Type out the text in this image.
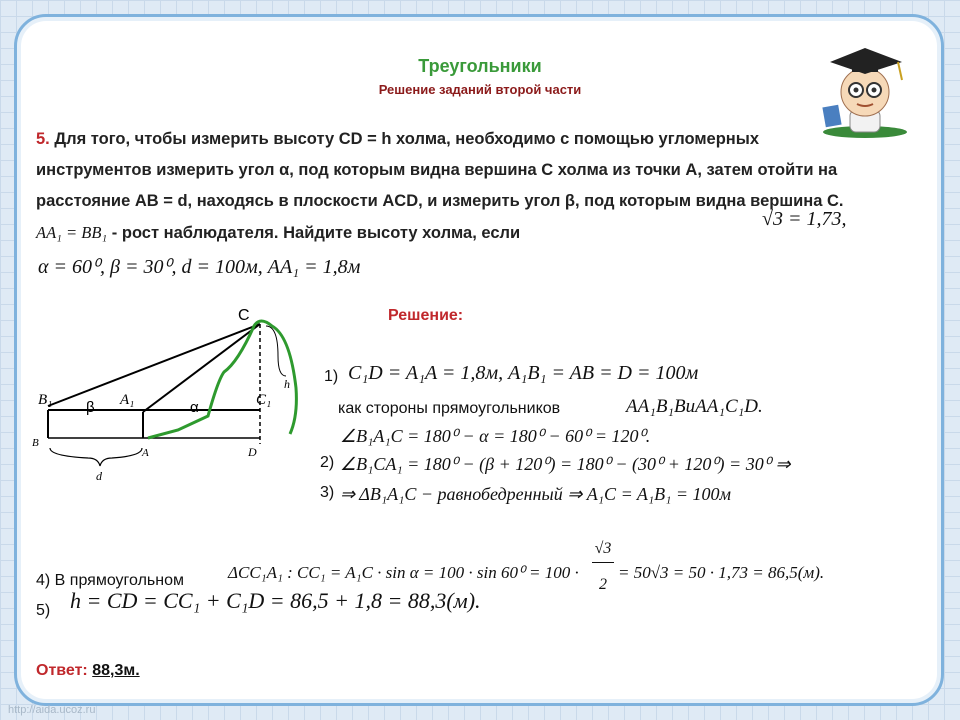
Треугольники
Решение заданий второй части
5. Для того, чтобы измерить высоту CD = h холма, необходимо с помощью угломерных инструментов измерить угол α, под которым видна вершина C холма из точки A, затем отойти на расстояние AB = d, находясь в плоскости ACD, и измерить угол β, под которым видна вершина C. AA₁ = BB₁ - рост наблюдателя. Найдите высоту холма, если
√3 = 1,73,
α = 60⁰, β = 30⁰, d = 100м, AA₁ = 1,8м
C
B₁	A₁	C₁
B
A	D
h
d
β	α
Решение:
1) C₁D = A₁A = 1,8м, A₁B₁ = AB = D = 100м
как стороны прямоугольников	AA₁B₁BиAA₁C₁D.
∠B₁A₁C = 180⁰ − α = 180⁰ − 60⁰ = 120⁰.
2) ∠B₁CA₁ = 180⁰ − (β + 120⁰) = 180⁰ − (30⁰ + 120⁰) = 30⁰ ⇒
3) ⇒ ΔB₁A₁C − равнобедренный ⇒ A₁C = A₁B₁ = 100м
4) В прямоугольном	ΔCC₁A₁ : CC₁ = A₁C · sin α = 100 · sin 60⁰ = 100 ·
√3
2
= 50√3 = 50 · 1,73 = 86,5(м).
5) h = CD = CC₁ + C₁D = 86,5 + 1,8 = 88,3(м).
Ответ: 88,3м.
http://aida.ucoz.ru
